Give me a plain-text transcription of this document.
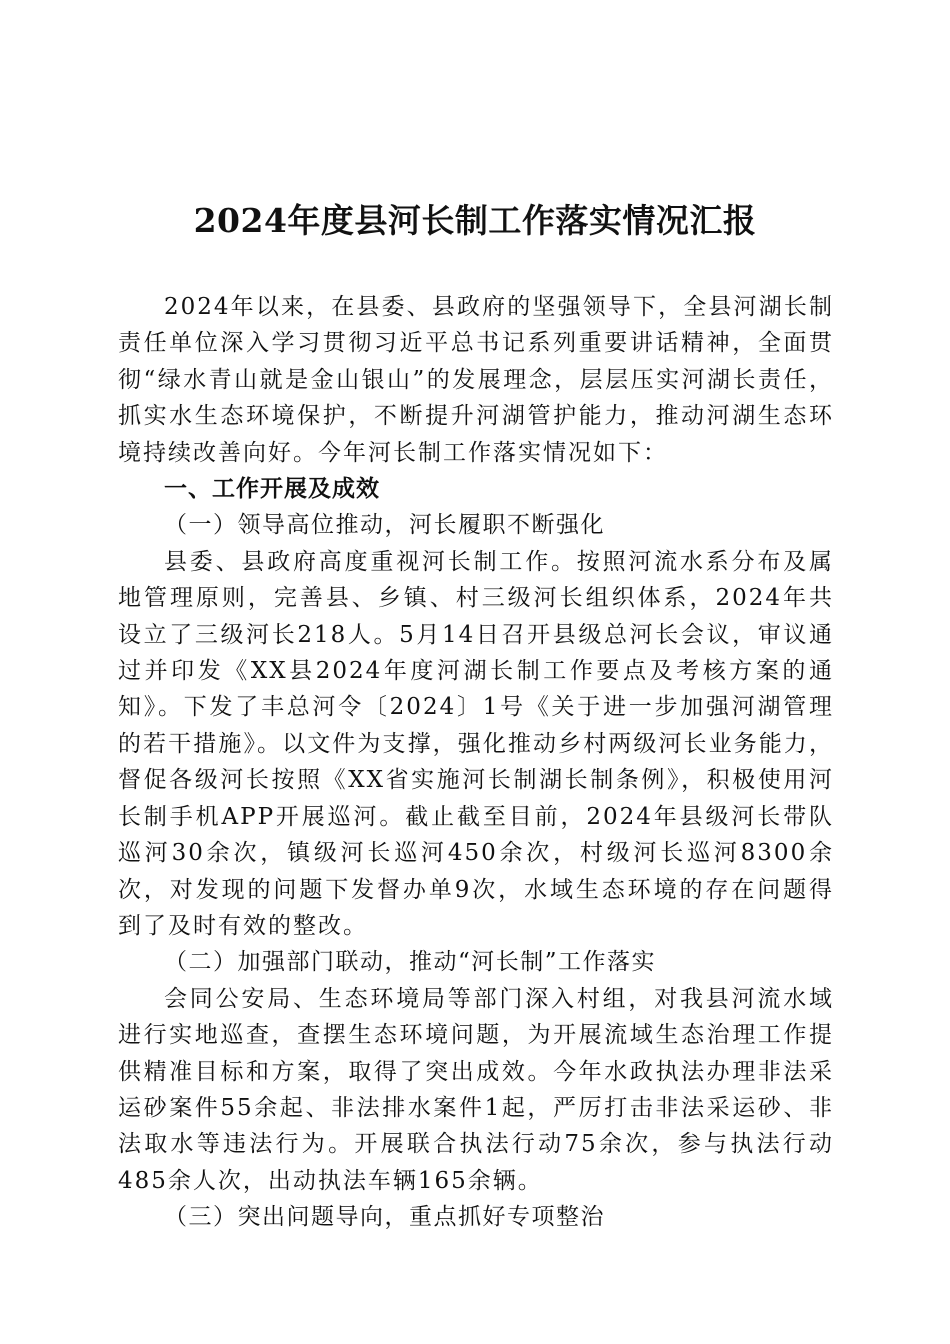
2024年度县河长制工作落实情况汇报

2024年以来，在县委、县政府的坚强领导下，全县河湖长制责任单位深入学习贯彻习近平总书记系列重要讲话精神，全面贯彻“绿水青山就是金山银山”的发展理念，层层压实河湖长责任，抓实水生态环境保护，不断提升河湖管护能力，推动河湖生态环境持续改善向好。今年河长制工作落实情况如下：

一、工作开展及成效

（一）领导高位推动，河长履职不断强化

县委、县政府高度重视河长制工作。按照河流水系分布及属地管理原则，完善县、乡镇、村三级河长组织体系，2024年共设立了三级河长218人。5月14日召开县级总河长会议，审议通过并印发《XX县2024年度河湖长制工作要点及考核方案的通知》。下发了丰总河令〔2024〕1号《关于进一步加强河湖管理的若干措施》。以文件为支撑，强化推动乡村两级河长业务能力，督促各级河长按照《XX省实施河长制湖长制条例》，积极使用河长制手机APP开展巡河。截止截至目前，2024年县级河长带队巡河30余次，镇级河长巡河450余次，村级河长巡河8300余次，对发现的问题下发督办单9次，水域生态环境的存在问题得到了及时有效的整改。

（二）加强部门联动，推动“河长制”工作落实

会同公安局、生态环境局等部门深入村组，对我县河流水域进行实地巡查，查摆生态环境问题，为开展流域生态治理工作提供精准目标和方案，取得了突出成效。今年水政执法办理非法采运砂案件55余起、非法排水案件1起，严厉打击非法采运砂、非法取水等违法行为。开展联合执法行动75余次，参与执法行动485余人次，出动执法车辆165余辆。

（三）突出问题导向，重点抓好专项整治
